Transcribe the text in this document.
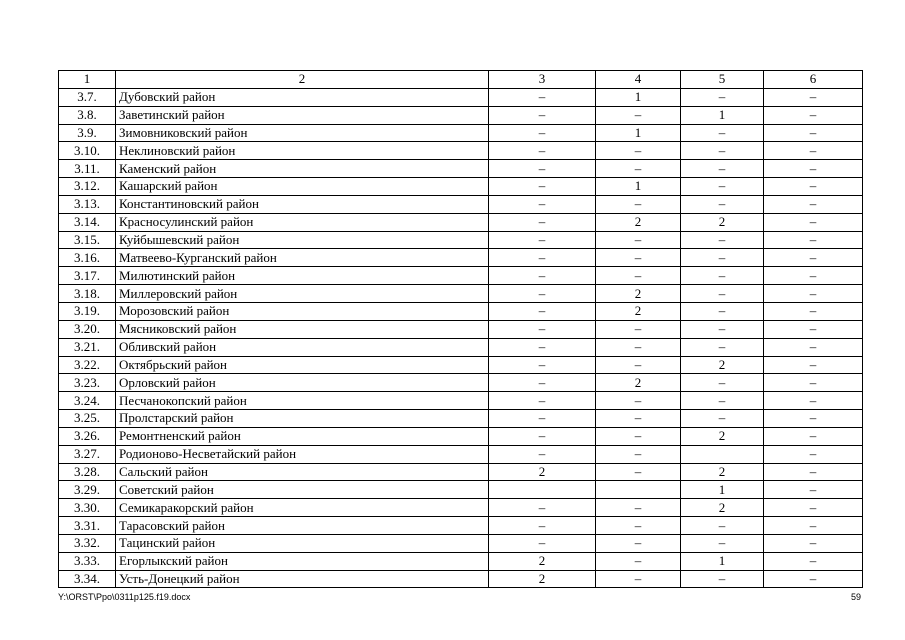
1	2	3	4	5	6
3.7.	Дубовский район	–	1	–	–
3.8.	Заветинский район	–	–	1	–
3.9.	Зимовниковский район	–	1	–	–
3.10.	Неклиновский район	–	–	–	–
3.11.	Каменский район	–	–	–	–
3.12.	Кашарский район	–	1	–	–
3.13.	Константиновский район	–	–	–	–
3.14.	Красносулинский район	–	2	2	–
3.15.	Куйбышевский район	–	–	–	–
3.16.	Матвеево-Курганский район	–	–	–	–
3.17.	Милютинский район	–	–	–	–
3.18.	Миллеровский район	–	2	–	–
3.19.	Морозовский район	–	2	–	–
3.20.	Мясниковский район	–	–	–	–
3.21.	Обливский район	–	–	–	–
3.22.	Октябрьский район	–	–	2	–
3.23.	Орловский район	–	2	–	–
3.24.	Песчанокопский район	–	–	–	–
3.25.	Пролстарский район	–	–	–	–
3.26.	Ремонтненский район	–	–	2	–
3.27.	Родионово-Несветайский район	–	–		–
3.28.	Сальский район	2	–	2	–
3.29.	Советский район			1	–
3.30.	Семикаракорский район	–	–	2	–
3.31.	Тарасовский район	–	–	–	–
3.32.	Тацинский район	–	–	–	–
3.33.	Егорлыкский район	2	–	1	–
3.34.	Усть-Донецкий район	2	–	–	–
Y:\ORST\Ppo\0311p125.f19.docx	59
